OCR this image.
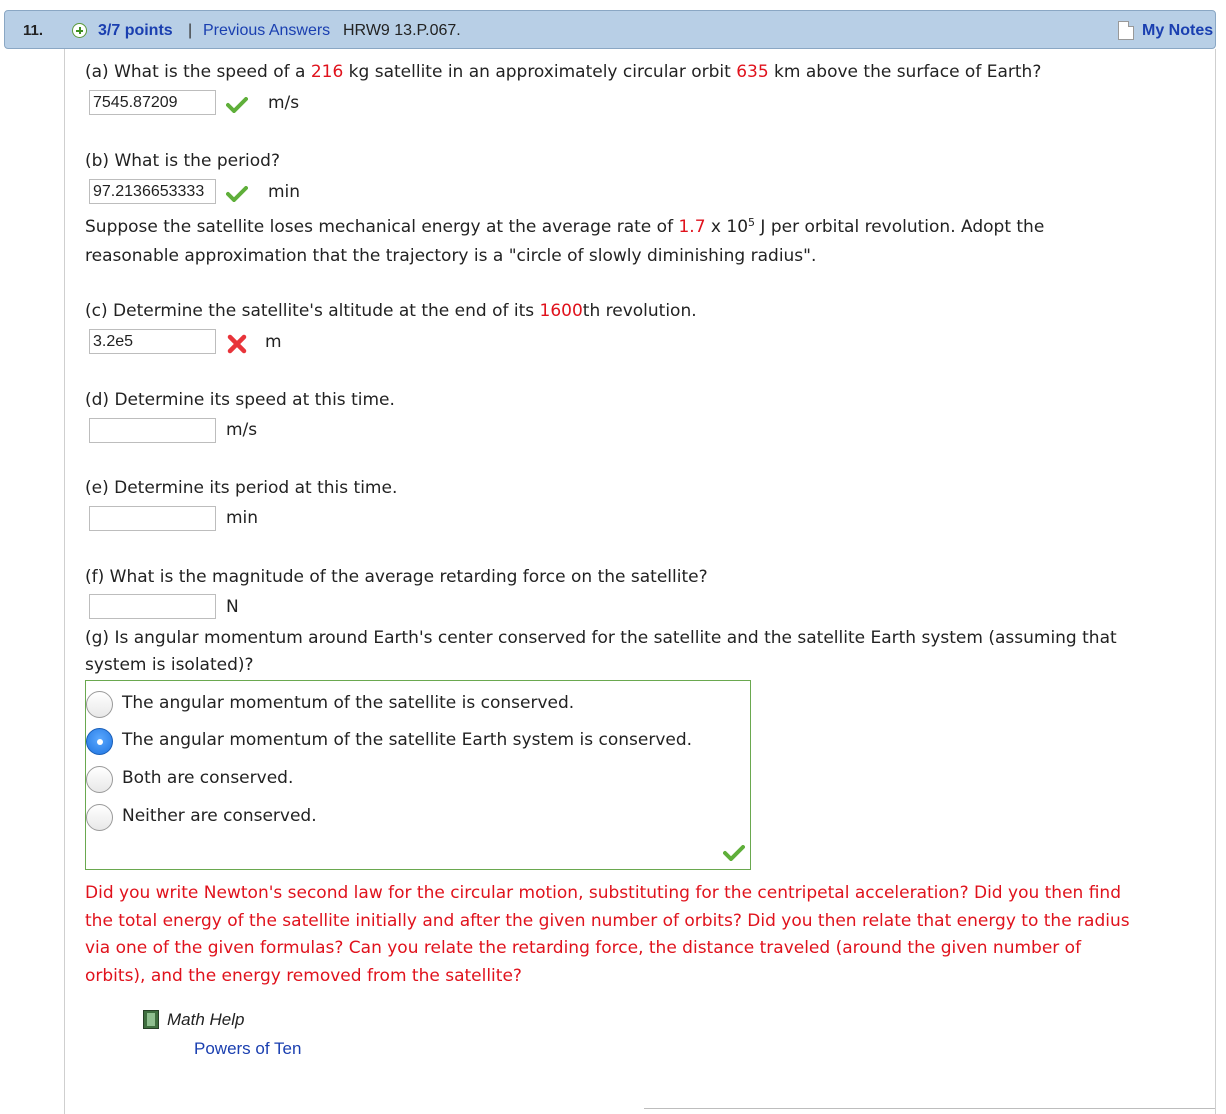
11.	3/7 points | Previous Answers HRW9 13.P.067.	My Notes
(a) What is the speed of a 216 kg satellite in an approximately circular orbit 635 km above the surface of Earth?
7545.87209	m/s
(b) What is the period?
97.2136653333	min
Suppose the satellite loses mechanical energy at the average rate of 1.7 x $10^5$ J per orbital revolution. Adopt the
reasonable approximation that the trajectory is a "circle of slowly diminishing radius".
(c) Determine the satellite's altitude at the end of its 1600th revolution.
3.2e5	m
(d) Determine its speed at this time.
m/s
(e) Determine its period at this time.
min
(f) What is the magnitude of the average retarding force on the satellite?
N
(g) Is angular momentum around Earth's center conserved for the satellite and the satellite Earth system (assuming that
system is isolated)?
The angular momentum of the satellite is conserved.
The angular momentum of the satellite Earth system is conserved.
Both are conserved.
Neither are conserved.
Did you write Newton's second law for the circular motion, substituting for the centripetal acceleration? Did you then find
the total energy of the satellite initially and after the given number of orbits? Did you then relate that energy to the radius
via one of the given formulas? Can you relate the retarding force, the distance traveled (around the given number of
orbits), and the energy removed from the satellite?
Math Help
Powers of Ten
